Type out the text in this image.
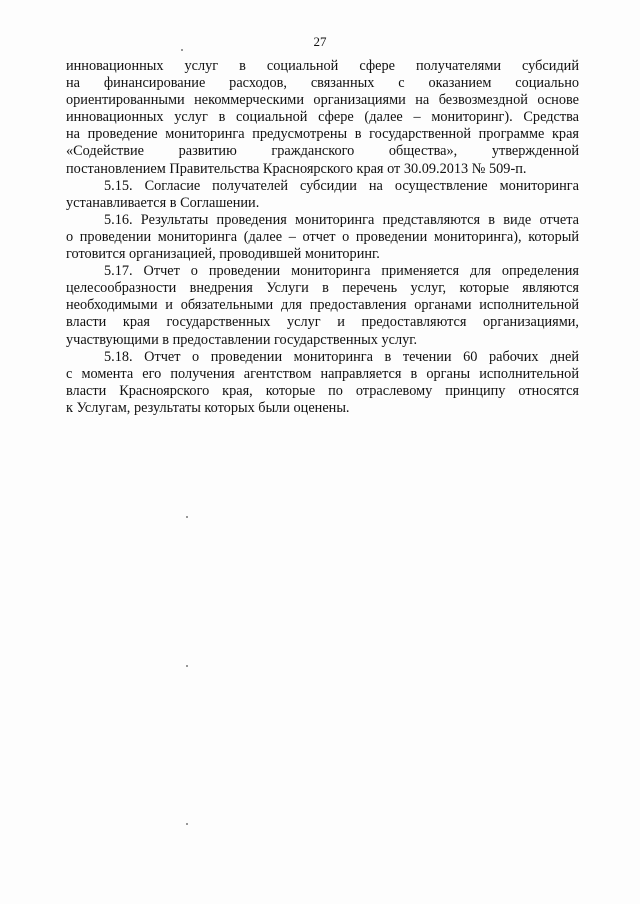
27

инновационных услуг в социальной сфере получателями субсидий
на финансирование расходов, связанных с оказанием социально
ориентированными некоммерческими организациями на безвозмездной основе
инновационных услуг в социальной сфере (далее – мониторинг). Средства
на проведение мониторинга предусмотрены в государственной программе края
«Содействие развитию гражданского общества», утвержденной
постановлением Правительства Красноярского края от 30.09.2013 № 509-п.

5.15. Согласие получателей субсидии на осуществление мониторинга
устанавливается в Соглашении.

5.16. Результаты проведения мониторинга представляются в виде отчета
о проведении мониторинга (далее – отчет о проведении мониторинга), который
готовится организацией, проводившей мониторинг.

5.17. Отчет о проведении мониторинга применяется для определения
целесообразности внедрения Услуги в перечень услуг, которые являются
необходимыми и обязательными для предоставления органами исполнительной
власти края государственных услуг и предоставляются организациями,
участвующими в предоставлении государственных услуг.

5.18. Отчет о проведении мониторинга в течении 60 рабочих дней
с момента его получения агентством направляется в органы исполнительной
власти Красноярского края, которые по отраслевому принципу относятся
к Услугам, результаты которых были оценены.
